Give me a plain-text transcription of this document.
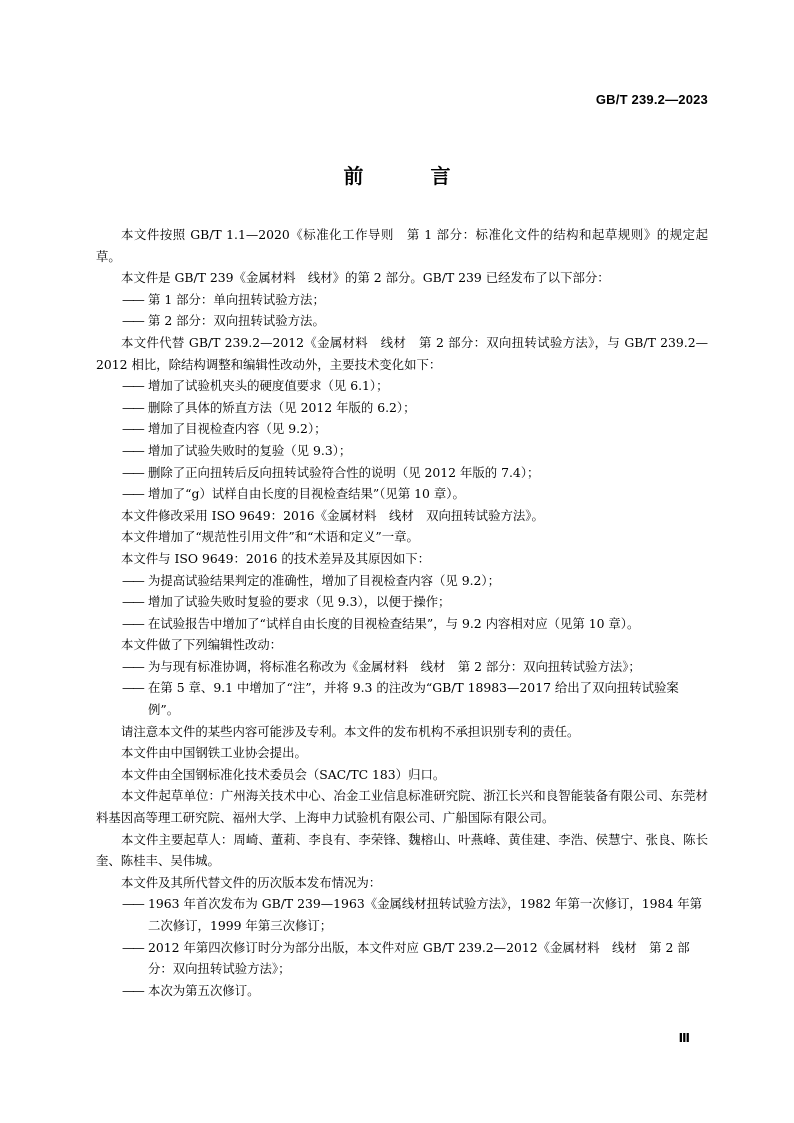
GB/T 239.2—2023
前 言
本文件按照 GB/T 1.1—2020《标准化工作导则　第 1 部分：标准化文件的结构和起草规则》的规定起草。
本文件是 GB/T 239《金属材料　线材》的第 2 部分。GB/T 239 已经发布了以下部分：
—— 第 1 部分：单向扭转试验方法；
—— 第 2 部分：双向扭转试验方法。
本文件代替 GB/T 239.2—2012《金属材料　线材　第 2 部分：双向扭转试验方法》，与 GB/T 239.2—2012 相比，除结构调整和编辑性改动外，主要技术变化如下：
—— 增加了试验机夹头的硬度值要求（见 6.1）；
—— 删除了具体的矫直方法（见 2012 年版的 6.2）；
—— 增加了目视检查内容（见 9.2）；
—— 增加了试验失败时的复验（见 9.3）；
—— 删除了正向扭转后反向扭转试验符合性的说明（见 2012 年版的 7.4）；
—— 增加了“g）试样自由长度的目视检查结果”（见第 10 章）。
本文件修改采用 ISO 9649：2016《金属材料　线材　双向扭转试验方法》。
本文件增加了“规范性引用文件”和“术语和定义”一章。
本文件与 ISO 9649：2016 的技术差异及其原因如下：
—— 为提高试验结果判定的准确性，增加了目视检查内容（见 9.2）；
—— 增加了试验失败时复验的要求（见 9.3），以便于操作；
—— 在试验报告中增加了“试样自由长度的目视检查结果”，与 9.2 内容相对应（见第 10 章）。
本文件做了下列编辑性改动：
—— 为与现有标准协调，将标准名称改为《金属材料　线材　第 2 部分：双向扭转试验方法》；
—— 在第 5 章、9.1 中增加了“注”，并将 9.3 的注改为“GB/T 18983—2017 给出了双向扭转试验案例”。
请注意本文件的某些内容可能涉及专利。本文件的发布机构不承担识别专利的责任。
本文件由中国钢铁工业协会提出。
本文件由全国钢标准化技术委员会（SAC/TC 183）归口。
本文件起草单位：广州海关技术中心、冶金工业信息标准研究院、浙江长兴和良智能装备有限公司、东莞材料基因高等理工研究院、福州大学、上海申力试验机有限公司、广船国际有限公司。
本文件主要起草人：周崎、董莉、李良有、李荣锋、魏榕山、叶燕峰、黄佳建、李浩、侯慧宁、张良、陈长奎、陈桂丰、吴伟城。
本文件及其所代替文件的历次版本发布情况为：
—— 1963 年首次发布为 GB/T 239—1963《金属线材扭转试验方法》，1982 年第一次修订，1984 年第二次修订，1999 年第三次修订；
—— 2012 年第四次修订时分为部分出版，本文件对应 GB/T 239.2—2012《金属材料　线材　第 2 部分：双向扭转试验方法》；
—— 本次为第五次修订。
Ⅲ
